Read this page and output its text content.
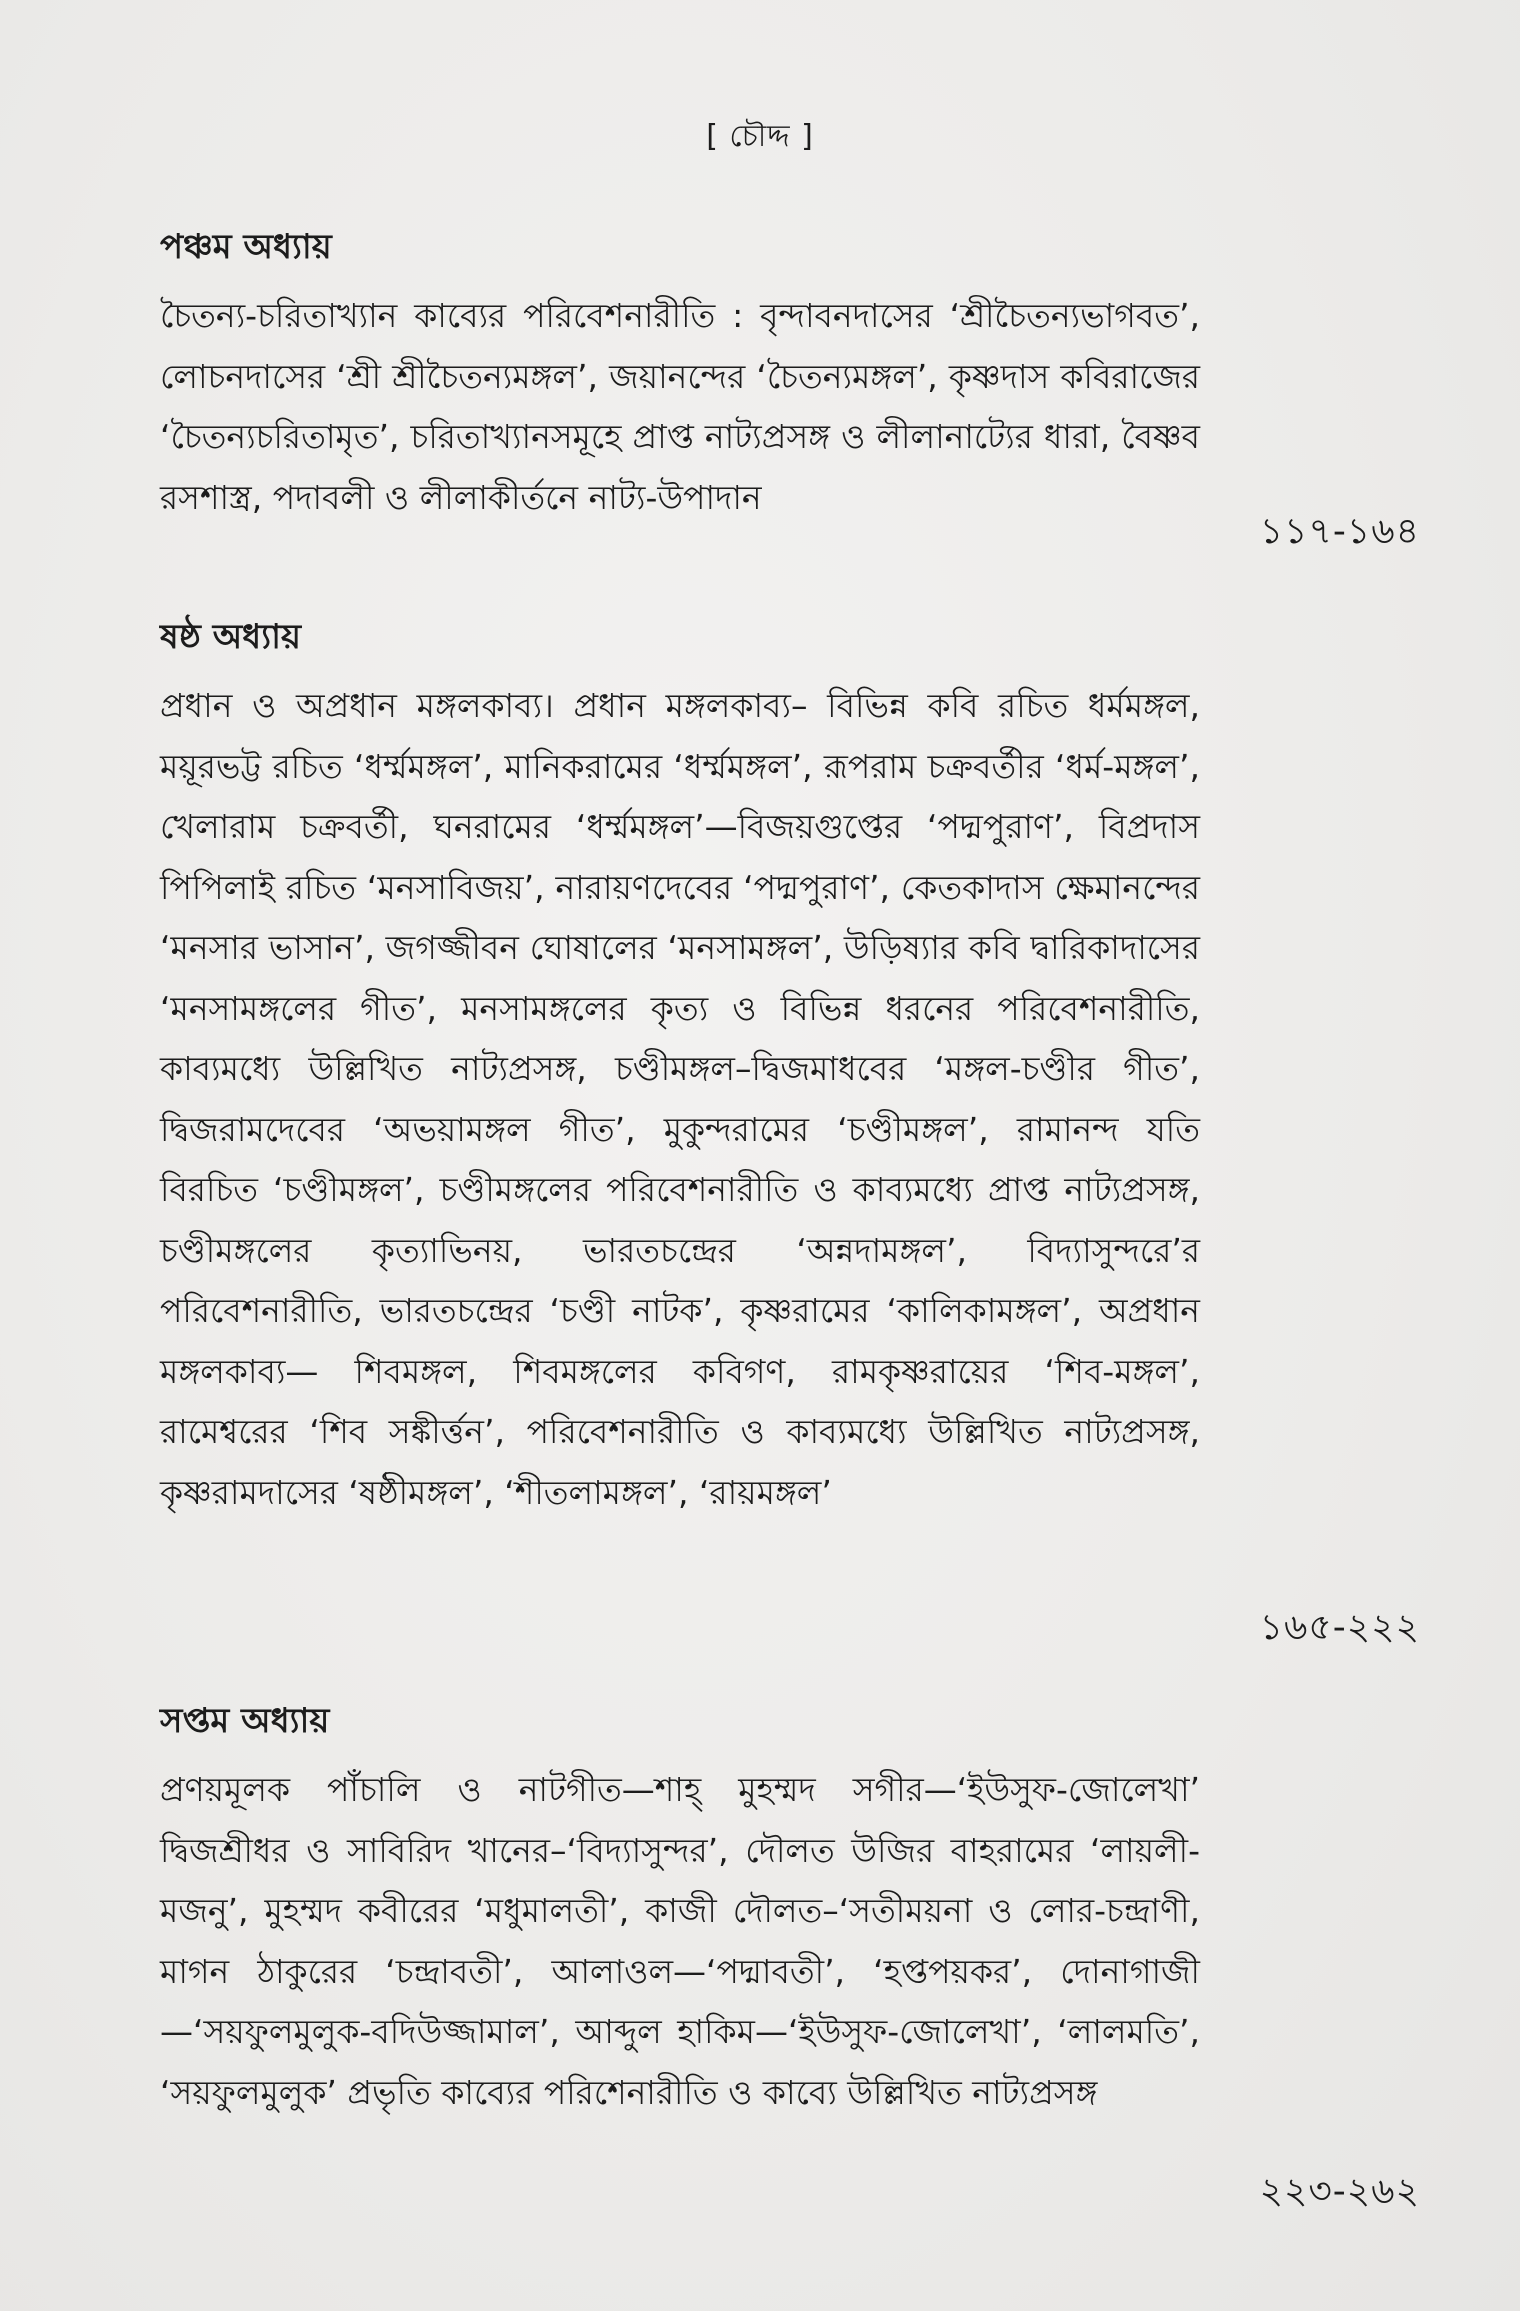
[ চৌদ্দ ]
পঞ্চম অধ্যায়

চৈতন্য-চরিতাখ্যান কাব্যের পরিবেশনারীতি : বৃন্দাবনদাসের ‘শ্রীচৈতন্যভাগবত’, লোচনদাসের ‘শ্রী শ্রীচৈতন্যমঙ্গল’, জয়ানন্দের ‘চৈতন্যমঙ্গল’, কৃষ্ণদাস কবিরাজের ‘চৈতন্যচরিতামৃত’, চরিতাখ্যানসমূহে প্রাপ্ত নাট্যপ্রসঙ্গ ও লীলানাট্যের ধারা, বৈষ্ণব রসশাস্ত্র, পদাবলী ও লীলাকীর্তনে নাট্য-উপাদান

১১৭-১৬৪
ষষ্ঠ অধ্যায়

প্রধান ও অপ্রধান মঙ্গলকাব্য। প্রধান মঙ্গলকাব্য– বিভিন্ন কবি রচিত ধর্মমঙ্গল, ময়ূরভট্ট রচিত ‘ধর্ম্মমঙ্গল’, মানিকরামের ‘ধর্ম্মমঙ্গল’, রূপরাম চক্রবর্তীর ‘ধর্ম-মঙ্গল’, খেলারাম চক্রবর্তী, ঘনরামের ‘ধর্ম্মমঙ্গল’—বিজয়গুপ্তের ‘পদ্মপুরাণ’, বিপ্রদাস পিপিলাই রচিত ‘মনসাবিজয়’, নারায়ণদেবের ‘পদ্মপুরাণ’, কেতকাদাস ক্ষেমানন্দের ‘মনসার ভাসান’, জগজ্জীবন ঘোষালের ‘মনসামঙ্গল’, উড়িষ্যার কবি দ্বারিকাদাসের ‘মনসামঙ্গলের গীত’, মনসামঙ্গলের কৃত্য ও বিভিন্ন ধরনের পরিবেশনারীতি, কাব্যমধ্যে উল্লিখিত নাট্যপ্রসঙ্গ, চণ্ডীমঙ্গল–দ্বিজমাধবের ‘মঙ্গল-চণ্ডীর গীত’, দ্বিজরামদেবের ‘অভয়ামঙ্গল গীত’, মুকুন্দরামের ‘চণ্ডীমঙ্গল’, রামানন্দ যতি বিরচিত ‘চণ্ডীমঙ্গল’, চণ্ডীমঙ্গলের পরিবেশনারীতি ও কাব্যমধ্যে প্রাপ্ত নাট্যপ্রসঙ্গ, চণ্ডীমঙ্গলের কৃত্যাভিনয়, ভারতচন্দ্রের ‘অন্নদামঙ্গল’, বিদ্যাসুন্দরে’র পরিবেশনারীতি, ভারতচন্দ্রের ‘চণ্ডী নাটক’, কৃষ্ণরামের ‘কালিকামঙ্গল’, অপ্রধান মঙ্গলকাব্য— শিবমঙ্গল, শিবমঙ্গলের কবিগণ, রামকৃষ্ণরায়ের ‘শিব-মঙ্গল’, রামেশ্বরের ‘শিব সঙ্কীর্ত্তন’, পরিবেশনারীতি ও কাব্যমধ্যে উল্লিখিত নাট্যপ্রসঙ্গ, কৃষ্ণরামদাসের ‘ষষ্ঠীমঙ্গল’, ‘শীতলামঙ্গল’, ‘রায়মঙ্গল’

১৬৫-২২২
সপ্তম অধ্যায়

প্রণয়মূলক পাঁচালি ও নাটগীত—শাহ্ মুহম্মদ সগীর—‘ইউসুফ-জোলেখা’ দ্বিজশ্রীধর ও সাবিরিদ খানের–‘বিদ্যাসুন্দর’, দৌলত উজির বাহরামের ‘লায়লী-মজনু’, মুহম্মদ কবীরের ‘মধুমালতী’, কাজী দৌলত–‘সতীময়না ও লোর-চন্দ্রাণী, মাগন ঠাকুরের ‘চন্দ্রাবতী’, আলাওল—‘পদ্মাবতী’, ‘হপ্তপয়কর’, দোনাগাজী—‘সয়ফুলমুলুক-বদিউজ্জামাল’, আব্দুল হাকিম—‘ইউসুফ-জোলেখা’, ‘লালমতি’, ‘সয়ফুলমুলুক’ প্রভৃতি কাব্যের পরিশেনারীতি ও কাব্যে উল্লিখিত নাট্যপ্রসঙ্গ

২২৩-২৬২
